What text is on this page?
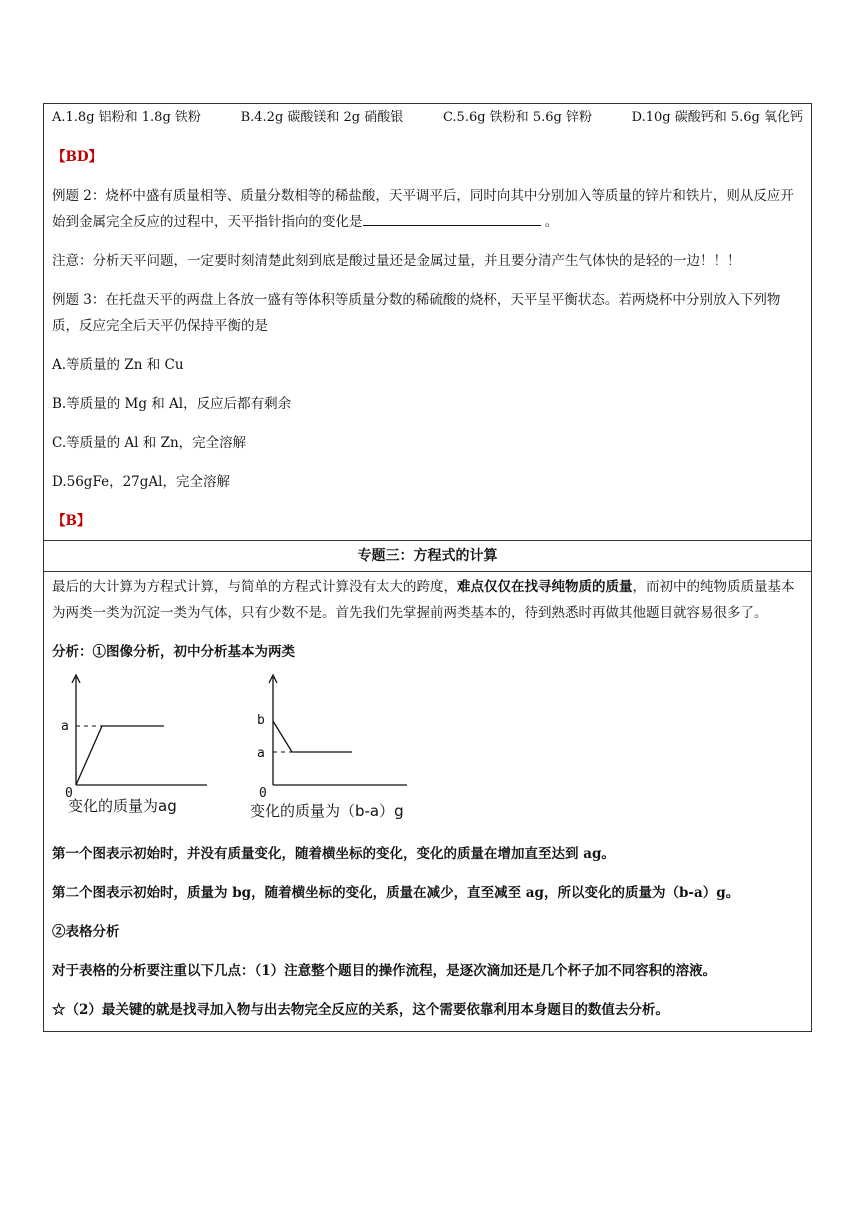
A.1.8g 铝粉和 1.8g 铁粉	B.4.2g 碳酸镁和 2g 硝酸银	C.5.6g 铁粉和 5.6g 锌粉	D.10g 碳酸钙和 5.6g 氧化钙

【BD】

例题 2：烧杯中盛有质量相等、质量分数相等的稀盐酸，天平调平后，同时向其中分别加入等质量的锌片和铁片，则从反应开始到金属完全反应的过程中，天平指针指向的变化是	。

注意：分析天平问题，一定要时刻清楚此刻到底是酸过量还是金属过量，并且要分清产生气体快的是轻的一边！！！

例题 3：在托盘天平的两盘上各放一盛有等体积等质量分数的稀硫酸的烧杯，天平呈平衡状态。若两烧杯中分别放入下列物质，反应完全后天平仍保持平衡的是

A.等质量的 Zn 和 Cu

B.等质量的 Mg 和 Al，反应后都有剩余

C.等质量的 Al 和 Zn，完全溶解

D.56gFe，27gAl，完全溶解

【B】

专题三：方程式的计算

最后的大计算为方程式计算，与简单的方程式计算没有太大的跨度，难点仅仅在找寻纯物质的质量，而初中的纯物质质量基本为两类一类为沉淀一类为气体，只有少数不是。首先我们先掌握前两类基本的，待到熟悉时再做其他题目就容易很多了。

分析：①图像分析，初中分析基本为两类

a
0
变化的质量为ag
b
a
0
变化的质量为（b-a）g

第一个图表示初始时，并没有质量变化，随着横坐标的变化，变化的质量在增加直至达到 ag。

第二个图表示初始时，质量为 bg，随着横坐标的变化，质量在减少，直至减至 ag，所以变化的质量为（b-a）g。

②表格分析

对于表格的分析要注重以下几点：（1）注意整个题目的操作流程，是逐次滴加还是几个杯子加不同容积的溶液。

☆（2）最关键的就是找寻加入物与出去物完全反应的关系，这个需要依靠利用本身题目的数值去分析。
